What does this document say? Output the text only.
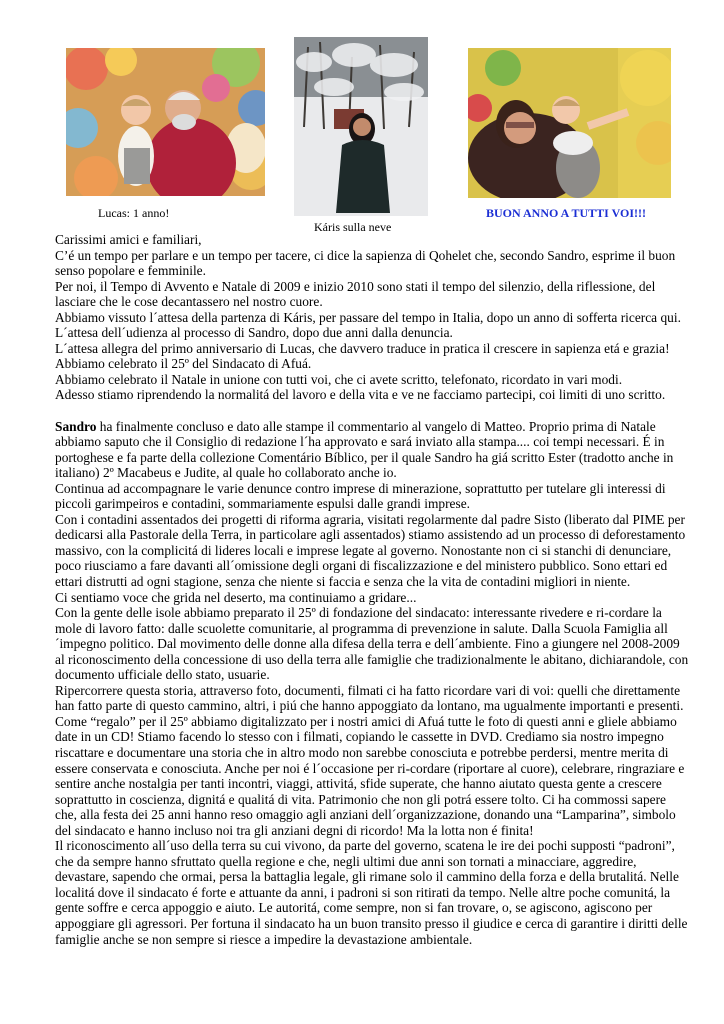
Lucas: 1 anno!
Káris sulla neve
BUON ANNO A TUTTI VOI!!!

Carissimi amici e familiari,

C’é un tempo per parlare e un tempo per tacere, ci dice la sapienza di Qohelet che, secondo Sandro, esprime il buon senso popolare e femminile.

Per noi, il Tempo di Avvento e Natale di 2009 e inizio 2010 sono stati il tempo del silenzio, della riflessione, del lasciare che le cose decantassero nel nostro cuore.

Abbiamo vissuto l´attesa della partenza di Káris, per passare del tempo in Italia, dopo un anno di sofferta ricerca qui.

L´attesa dell´udienza al processo di Sandro, dopo due anni dalla denuncia.

L´attesa allegra del primo anniversario di Lucas, che davvero traduce in pratica il crescere in sapienza etá e grazia!

Abbiamo celebrato il 25º del Sindacato di Afuá.

Abbiamo celebrato il Natale in unione con tutti voi, che ci avete scritto, telefonato, ricordato in vari modi.

Adesso stiamo riprendendo la normalitá del lavoro e della vita e ve ne facciamo partecipi, coi limiti di uno scritto.

Sandro ha finalmente concluso e dato alle stampe il commentario al vangelo di Matteo. Proprio prima di Natale abbiamo saputo che il Consiglio di redazione l´ha approvato e sará inviato alla stampa.... coi tempi necessari. É in portoghese e fa parte della collezione Comentário Bíblico, per il quale Sandro ha giá scritto Ester (tradotto anche in italiano) 2º Macabeus e Judite, al quale ho collaborato anche io.

Continua ad accompagnare le varie denunce contro imprese di minerazione, soprattutto per tutelare gli interessi di piccoli garimpeiros e contadini, sommariamente espulsi dalle grandi imprese.

Con i contadini assentados dei progetti di riforma agraria, visitati regolarmente dal padre Sisto (liberato dal PIME per dedicarsi alla Pastorale della Terra, in particolare agli assentados) stiamo assistendo ad un processo di deforestamento massivo, con la complicitá di lideres locali e imprese legate al governo. Nonostante non ci si stanchi di denunciare, poco riusciamo a fare davanti all´omissione degli organi di fiscalizzazione e del ministero pubblico. Sono ettari ed ettari distrutti ad ogni stagione, senza che niente si faccia e senza che la vita de contadini migliori in niente.

Ci sentiamo voce che grida nel deserto, ma continuiamo a gridare...

Con la gente delle isole abbiamo preparato il 25º di fondazione del sindacato: interessante rivedere e ri-cordare la mole di lavoro fatto: dalle scuolette comunitarie, al programma di prevenzione in salute. Dalla Scuola Famiglia all´impegno politico. Dal movimento delle donne alla difesa della terra e dell´ambiente. Fino a giungere nel 2008-2009 al riconoscimento della concessione di uso della terra alle famiglie che tradizionalmente le abitano, dichiarandole, con documento ufficiale dello stato, usuarie.

Ripercorrere questa storia, attraverso foto, documenti, filmati ci ha fatto ricordare vari di voi: quelli che direttamente han fatto parte di questo cammino, altri, i piú che hanno appoggiato da lontano, ma ugualmente importanti e presenti. Come “regalo” per il 25º abbiamo digitalizzato per i nostri amici di Afuá tutte le foto di questi anni e gliele abbiamo date in un CD! Stiamo facendo lo stesso con i filmati, copiando le cassette in DVD. Crediamo sia nostro impegno riscattare e documentare una storia che in altro modo non sarebbe conosciuta e potrebbe perdersi, mentre merita di essere conservata e conosciuta. Anche per noi é l´occasione per ri-cordare (riportare al cuore), celebrare, ringraziare e sentire anche nostalgia per tanti incontri, viaggi, attivitá, sfide superate, che hanno aiutato questa gente a crescere soprattutto in coscienza, dignitá e qualitá di vita. Patrimonio che non gli potrá essere tolto. Ci ha commossi sapere che, alla festa dei 25 anni hanno reso omaggio agli anziani dell´organizzazione, donando una “Lamparina”, simbolo del sindacato e hanno incluso noi tra gli anziani degni di ricordo! Ma la lotta non é finita!

Il riconoscimento all´uso della terra su cui vivono, da parte del governo, scatena le ire dei pochi supposti “padroni”, che da sempre hanno sfruttato quella regione e che, negli ultimi due anni son tornati a minacciare, aggredire, devastare, sapendo che ormai, persa la battaglia legale, gli rimane solo il cammino della forza e della brutalitá. Nelle localitá dove il sindacato é forte e attuante da anni, i padroni si son ritirati da tempo. Nelle altre poche comunitá, la gente soffre e cerca appoggio e aiuto. Le autoritá, come sempre, non si fan trovare, o, se agiscono, agiscono per appoggiare gli agressori. Per fortuna il sindacato ha un buon transito presso il giudice e cerca di garantire i diritti delle famiglie anche se non sempre si riesce a impedire la devastazione ambientale.
